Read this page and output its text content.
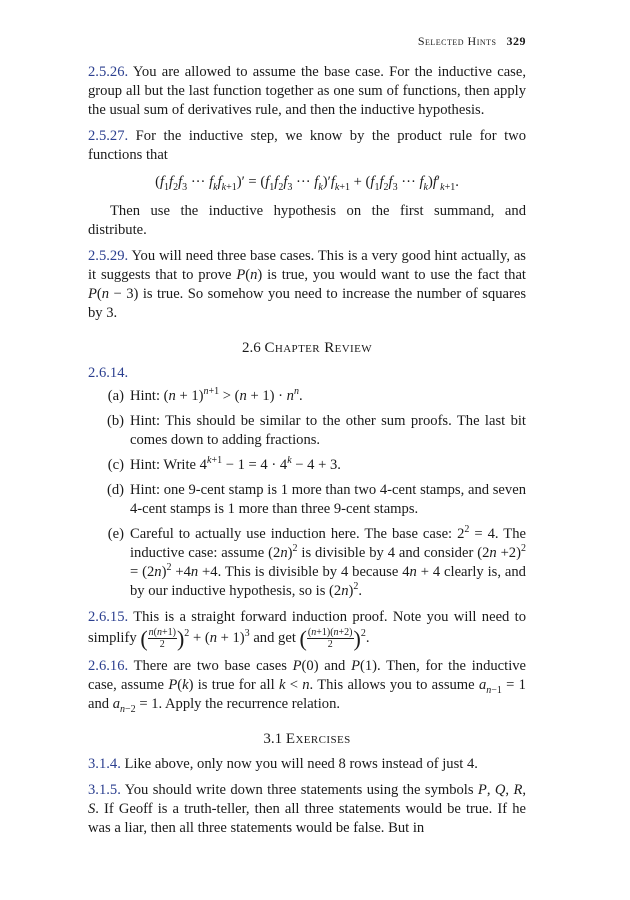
Selected Hints 329

2.5.26. You are allowed to assume the base case. For the inductive case, group all but the last function together as one sum of functions, then apply the usual sum of derivatives rule, and then the inductive hypothesis.

2.5.27. For the inductive step, we know by the product rule for two functions that

($f_1f_2f_3$ ··· $f_kf_{k+1})' = (f_1f_2f_3$ ··· $f_k)'f_{k+1} + (f_1f_2f_3$ ··· $f_k)f'_{k+1}$.

Then use the inductive hypothesis on the first summand, and distribute.

2.5.29. You will need three base cases. This is a very good hint actually, as it suggests that to prove P(n) is true, you would want to use the fact that P(n − 3) is true. So somehow you need to increase the number of squares by 3.

2.6 Chapter Review
2.6.14.
(a) Hint: $(n + 1)^{n+1} > (n + 1) \cdot n^n$.
(b) Hint: This should be similar to the other sum proofs. The last bit comes down to adding fractions.
(c) Hint: Write $4^{k+1} - 1 = 4 \cdot 4^k - 4 + 3$.
(d) Hint: one 9-cent stamp is 1 more than two 4-cent stamps, and seven 4-cent stamps is 1 more than three 9-cent stamps.
(e) Careful to actually use induction here. The base case: $2^2 = 4$. The inductive case: assume $(2n)^2$ is divisible by 4 and consider $(2n +2)^2 = (2n)^2 +4n +4$. This is divisible by 4 because 4n + 4 clearly is, and by our inductive hypothesis, so is $(2n)^2$.

2.6.15. This is a straight forward induction proof. Note you will need to simplify ( $\frac{n(n+1)}{2} )^2 + (n + 1)^3$ and get ( $\frac{(n+1)(n+2)}{2} )^2$.

2.6.16. There are two base cases P(0) and P(1). Then, for the inductive case, assume P(k) is true for all k < n. This allows you to assume $a_{n-1} = 1$ and $a_{n-2} = 1$. Apply the recurrence relation.

3.1 Exercises

3.1.4. Like above, only now you will need 8 rows instead of just 4.

3.1.5. You should write down three statements using the symbols P, Q, R, S. If Geoff is a truth-teller, then all three statements would be true. If he was a liar, then all three statements would be false. But in
